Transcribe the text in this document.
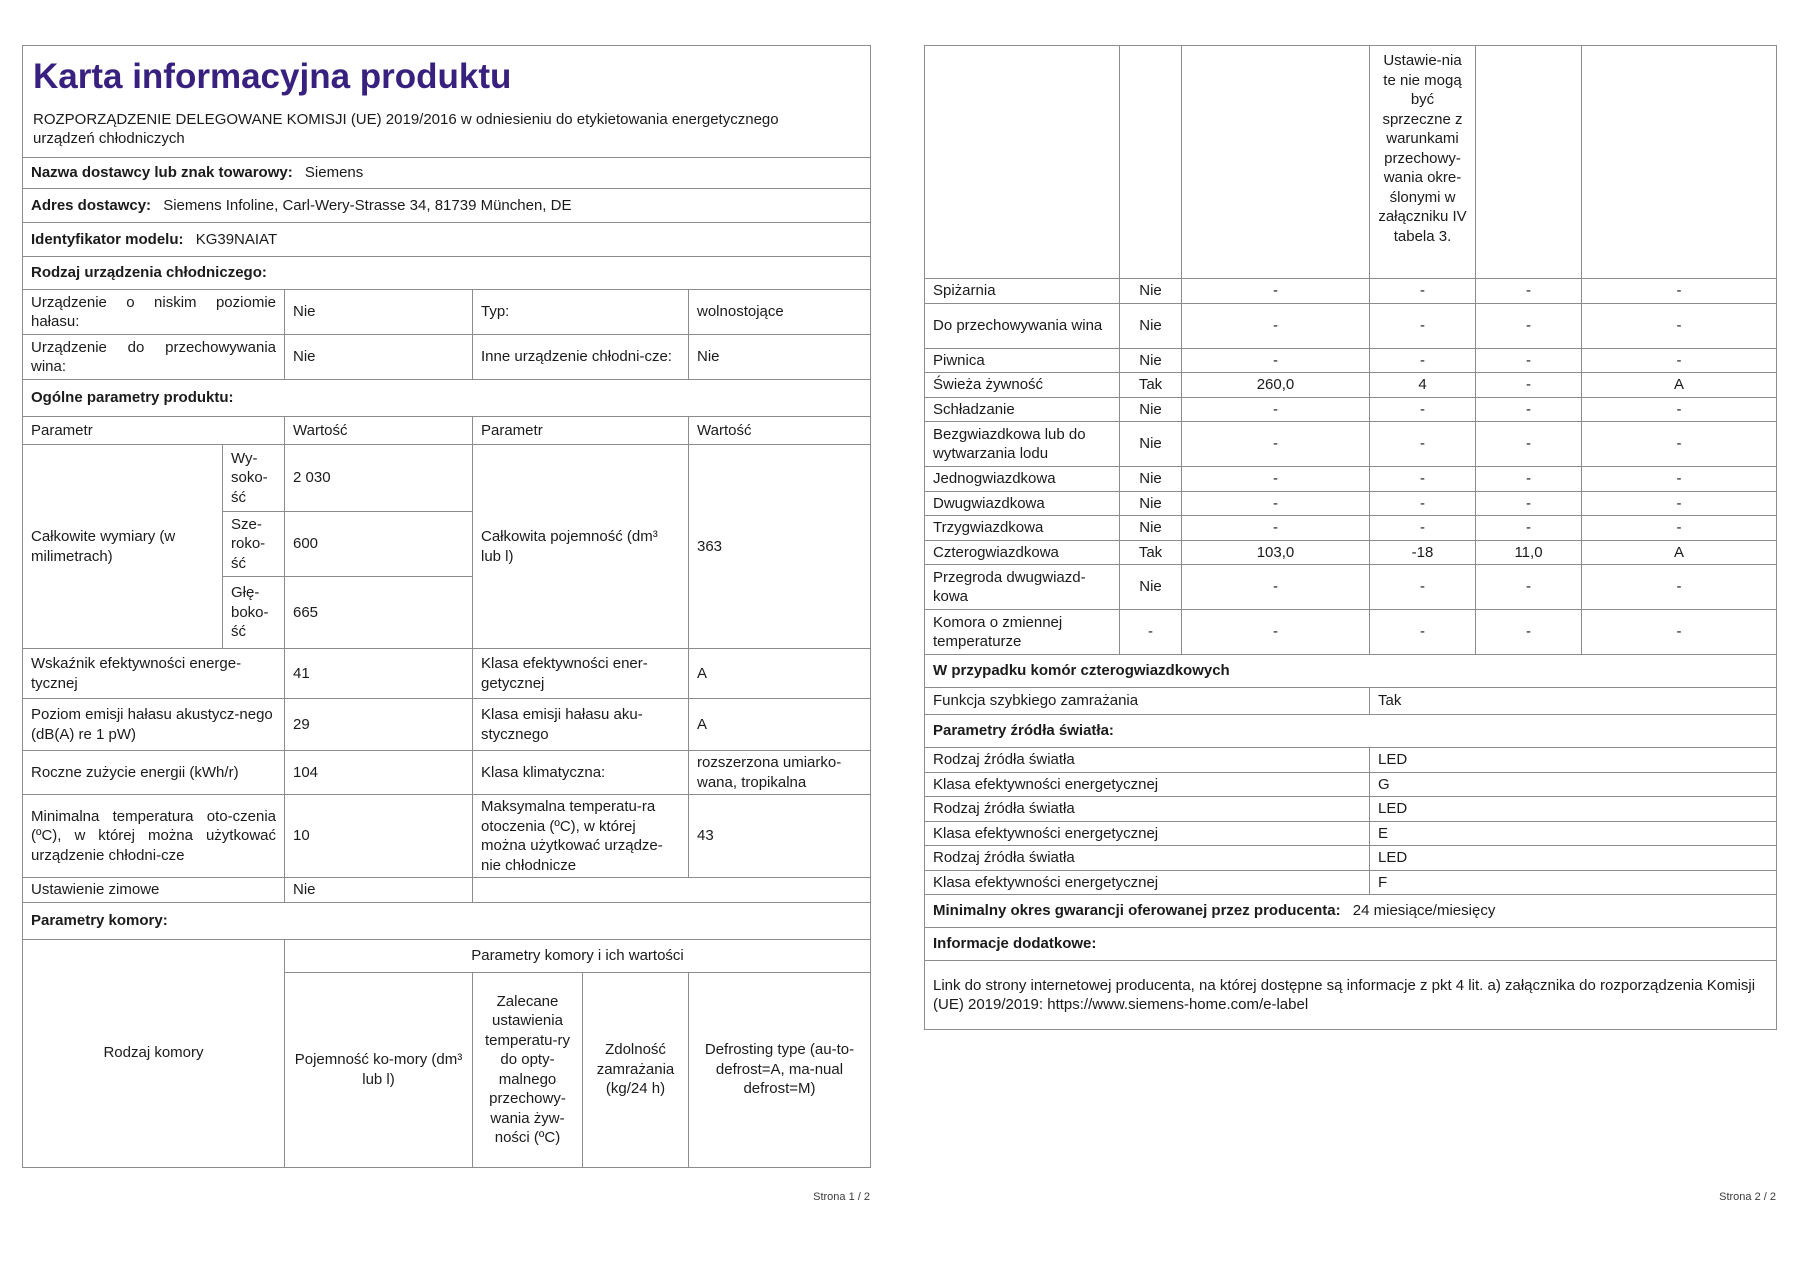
Karta informacyjna produktu

ROZPORZĄDZENIE DELEGOWANE KOMISJI (UE) 2019/2016 w odniesieniu do etykietowania energetycznego urządzeń chłodniczych

Nazwa dostawcy lub znak towarowy: Siemens					
Adres dostawcy: Siemens Infoline, Carl-Wery-Strasse 34, 81739 München, DE					
Identyfikator modelu: KG39NAIAT					
Rodzaj urządzenia chłodniczego:					
Urządzenie o niskim poziomie hałasu:		Nie	Typ:		wolnostojące
Urządzenie do przechowywania wina:		Nie	Inne urządzenie chłodni-cze:		Nie
Ogólne parametry produktu:					
Parametr		Wartość	Parametr		Wartość
Całkowite wymiary (w milimetrach)	Wy-soko-ść	2 030	Całkowita pojemność (dm³ lub l)		363
	Sze-roko-ść	600			
	Głę-boko-ść	665			
Wskaźnik efektywności energe-tycznej		41	Klasa efektywności ener-getycznej		A
Poziom emisji hałasu akustycz-nego (dB(A) re 1 pW)		29	Klasa emisji hałasu aku-stycznego		A
Roczne zużycie energii (kWh/r)		104	Klasa klimatyczna:		rozszerzona umiarko-wana, tropikalna
Minimalna temperatura oto-czenia (ºC), w której można użytkować urządzenie chłodni-cze		10	Maksymalna temperatu-ra otoczenia (ºC), w której można użytkować urządze-nie chłodnicze		43
Ustawienie zimowe		Nie			
Parametry komory:					
Rodzaj komory		Parametry komory i ich wartości			
		Pojemność ko-mory (dm³ lub l)	Zalecane ustawienia temperatu-ry do opty-malnego przechowy-wania żyw-ności (ºC)	Zdolność zamrażania (kg/24 h)	Defrosting type (au-to-defrost=A, ma-nual defrost=M)
			Ustawie-nia te nie mogą być sprzeczne z warunkami przechowy-wania okre-ślonymi w załączniku IV tabela 3.		
Spiżarnia	Nie	-	-	-	-
Do przechowywania wina	Nie	-	-	-	-
Piwnica	Nie	-	-	-	-
Świeża żywność	Tak	260,0	4	-	A
Schładzanie	Nie	-	-	-	-
Bezgwiazdkowa lub do wytwarzania lodu	Nie	-	-	-	-
Jednogwiazdkowa	Nie	-	-	-	-
Dwugwiazdkowa	Nie	-	-	-	-
Trzygwiazdkowa	Nie	-	-	-	-
Czterogwiazdkowa	Tak	103,0	-18	11,0	A
Przegroda dwugwiazd-kowa	Nie	-	-	-	-
Komora o zmiennej temperaturze	-	-	-	-	-
W przypadku komór czterogwiazdkowych					
Funkcja szybkiego zamrażania			Tak		
Parametry źródła światła:					
Rodzaj źródła światła			LED		
Klasa efektywności energetycznej			G		
Rodzaj źródła światła			LED		
Klasa efektywności energetycznej			E		
Rodzaj źródła światła			LED		
Klasa efektywności energetycznej			F		
Minimalny okres gwarancji oferowanej przez producenta: 24 miesiące/miesięcy					
Informacje dodatkowe:					
Link do strony internetowej producenta, na której dostępne są informacje z pkt 4 lit. a) załącznika do rozporządzenia Komisji (UE) 2019/2019: https://www.siemens-home.com/e-label					
Strona 1 / 2	Strona 2 / 2
